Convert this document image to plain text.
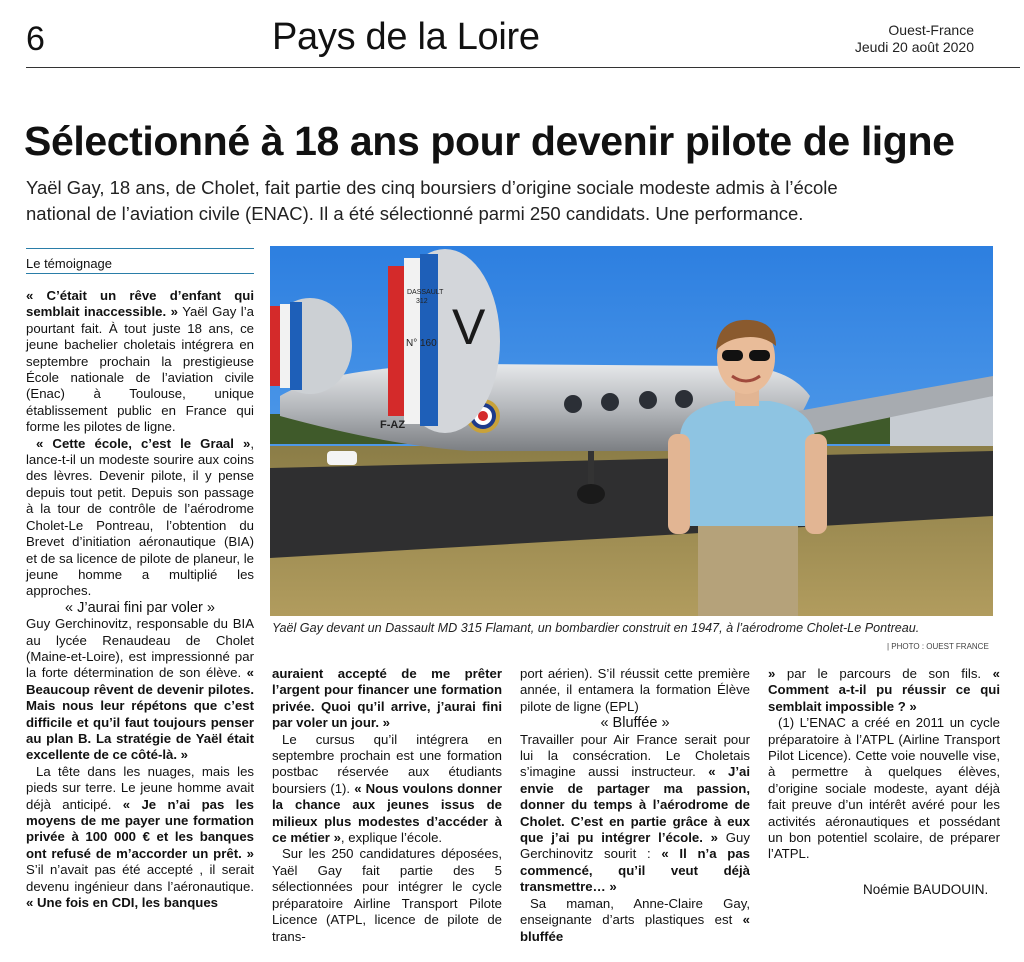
6	Pays de la Loire	Ouest-France
Jeudi 20 août 2020
Sélectionné à 18 ans pour devenir pilote de ligne
Yaël Gay, 18 ans, de Cholet, fait partie des cinq boursiers d’origine sociale modeste admis à l’école national de l’aviation civile (ENAC). Il a été sélectionné parmi 250 candidats. Une performance.
Le témoignage

« C’était un rêve d’enfant qui semblait inaccessible. » Yaël Gay l’a pourtant fait. À tout juste 18 ans, ce jeune bachelier choletais intégrera en septembre prochain la prestigieuse École nationale de l’aviation civile (Enac) à Toulouse, unique établissement public en France qui forme les pilotes de ligne.

« Cette école, c’est le Graal », lance-t-il un modeste sourire aux coins des lèvres. Devenir pilote, il y pense depuis tout petit. Depuis son passage à la tour de contrôle de l’aérodrome Cholet-Le Pontreau, l’obtention du Brevet d’initiation aéronautique (BIA) et de sa licence de pilote de planeur, le jeune homme a multiplié les approches.

« J’aurai fini par voler »

Guy Gerchinovitz, responsable du BIA au lycée Renaudeau de Cholet (Maine-et-Loire), est impressionné par la forte détermination de son élève. « Beaucoup rêvent de devenir pilotes. Mais nous leur répétons que c’est difficile et qu’il faut toujours penser au plan B. La stratégie de Yaël était excellente de ce côté-là. »

La tête dans les nuages, mais les pieds sur terre. Le jeune homme avait déjà anticipé. « Je n’ai pas les moyens de me payer une formation privée à 100 000 € et les banques ont refusé de m’accorder un prêt. » S’il n’avait pas été accepté , il serait devenu ingénieur dans l’aéronautique. « Une fois en CDI, les banques

V
DASSAULT
312
N° 160
F-AZ
Yaël Gay devant un Dassault MD 315 Flamant, un bombardier construit en 1947, à l’aérodrome Cholet-Le Pontreau.
| PHOTO : OUEST FRANCE

auraient accepté de me prêter l’argent pour financer une formation privée. Quoi qu’il arrive, j’aurai fini par voler un jour. »

Le cursus qu’il intégrera en septembre prochain est une formation postbac réservée aux étudiants boursiers (1). « Nous voulons donner la chance aux jeunes issus de milieux plus modestes d’accéder à ce métier », explique l’école.

Sur les 250 candidatures déposées, Yaël Gay fait partie des 5 sélectionnées pour intégrer le cycle préparatoire Airline Transport Pilote Licence (ATPL, licence de pilote de trans-

port aérien). S’il réussit cette première année, il entamera la formation Élève pilote de ligne (EPL)

« Bluffée »

Travailler pour Air France serait pour lui la consécration. Le Choletais s’imagine aussi instructeur. « J’ai envie de partager ma passion, donner du temps à l’aérodrome de Cholet. C’est en partie grâce à eux que j’ai pu intégrer l’école. » Guy Gerchinovitz sourit : « Il n’a pas commencé, qu’il veut déjà transmettre… »

Sa maman, Anne-Claire Gay, enseignante d’arts plastiques est « bluffée

» par le parcours de son fils. « Comment a-t-il pu réussir ce qui semblait impossible ? »

(1) L’ENAC a créé en 2011 un cycle préparatoire à l’ATPL (Airline Transport Pilot Licence). Cette voie nouvelle vise, à permettre à quelques élèves, d’origine sociale modeste, ayant déjà fait preuve d’un intérêt avéré pour les activités aéronautiques et possédant un bon potentiel scolaire, de préparer l’ATPL.

Noémie BAUDOUIN.
